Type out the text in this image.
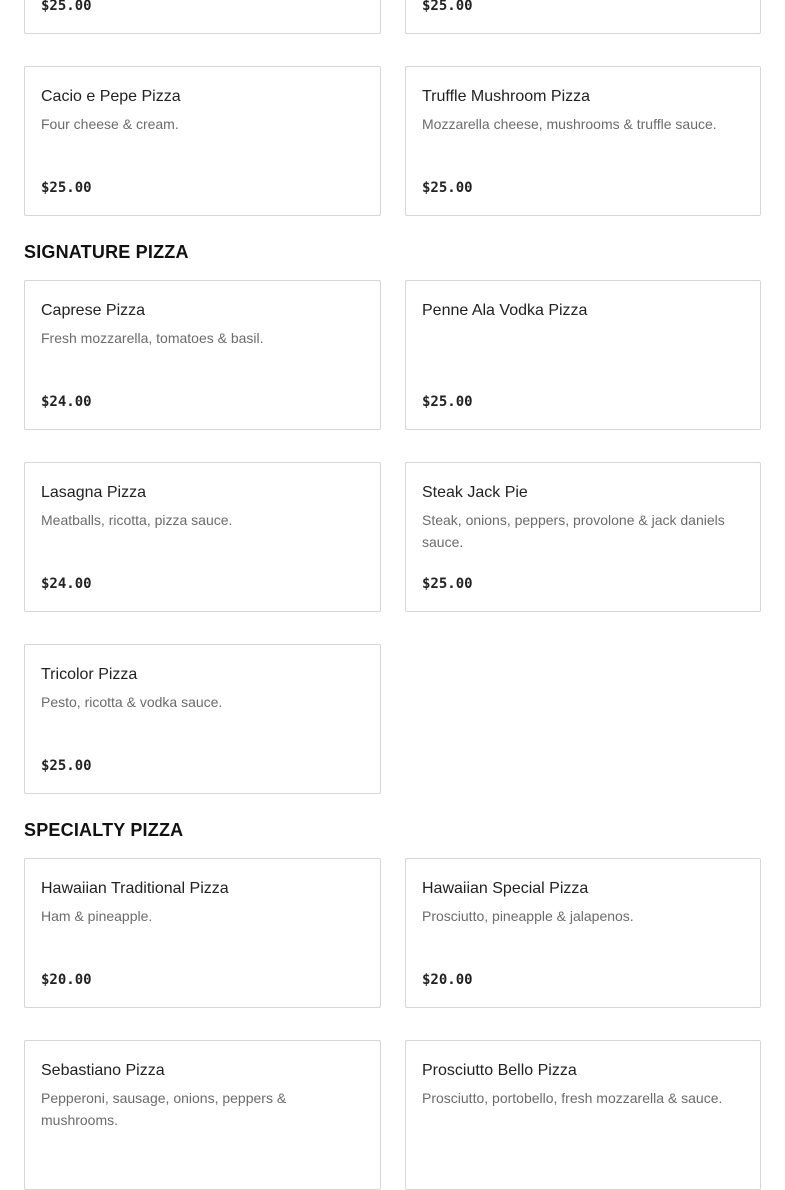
$25.00	$25.00
Cacio e Pepe Pizza
Four cheese & cream.
$25.00
Truffle Mushroom Pizza
Mozzarella cheese, mushrooms & truffle sauce.
$25.00
SIGNATURE PIZZA
Caprese Pizza
Fresh mozzarella, tomatoes & basil.
$24.00
Penne Ala Vodka Pizza
$25.00
Lasagna Pizza
Meatballs, ricotta, pizza sauce.
$24.00
Steak Jack Pie
Steak, onions, peppers, provolone & jack daniels sauce.
$25.00
Tricolor Pizza
Pesto, ricotta & vodka sauce.
$25.00
SPECIALTY PIZZA
Hawaiian Traditional Pizza
Ham & pineapple.
$20.00
Hawaiian Special Pizza
Prosciutto, pineapple & jalapenos.
$20.00
Sebastiano Pizza
Pepperoni, sausage, onions, peppers & mushrooms.
Prosciutto Bello Pizza
Prosciutto, portobello, fresh mozzarella & sauce.
